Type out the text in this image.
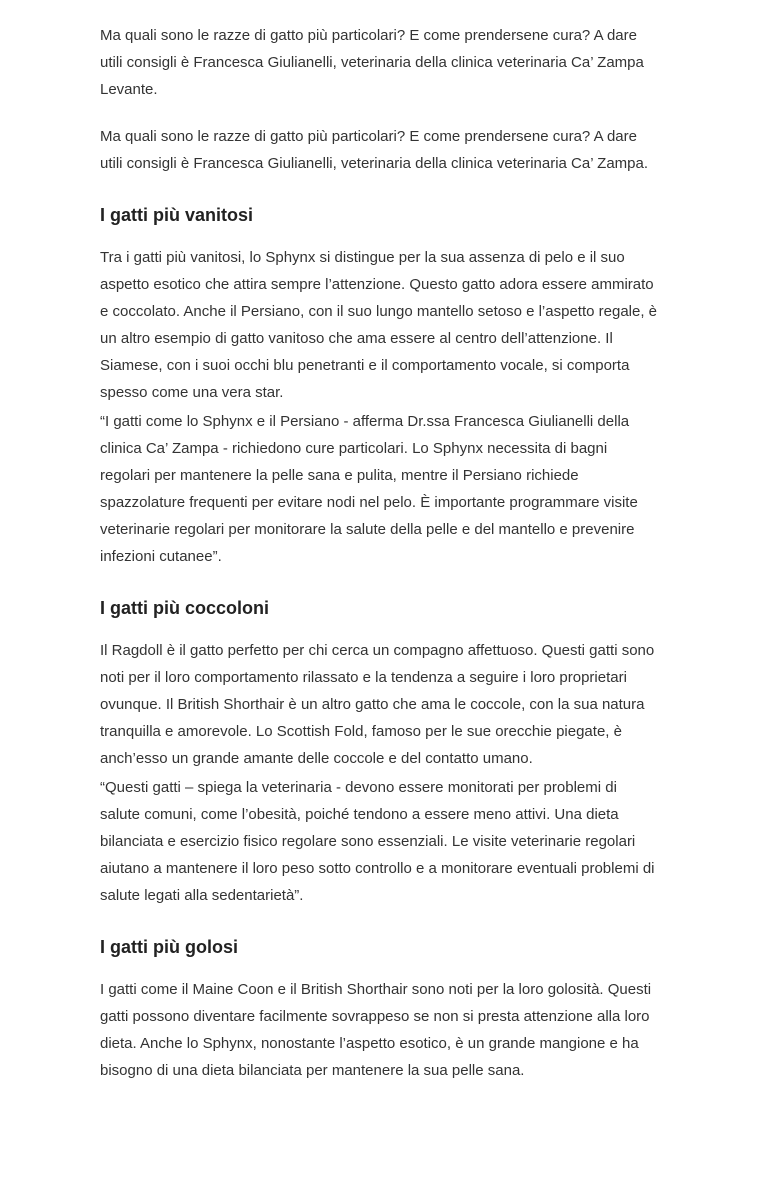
Ma quali sono le razze di gatto più particolari? E come prendersene cura? A dare utili consigli è Francesca Giulianelli, veterinaria della clinica veterinaria Ca’ Zampa Levante.

Ma quali sono le razze di gatto più particolari? E come prendersene cura? A dare utili consigli è Francesca Giulianelli, veterinaria della clinica veterinaria Ca’ Zampa.

I gatti più vanitosi

Tra i gatti più vanitosi, lo Sphynx si distingue per la sua assenza di pelo e il suo aspetto esotico che attira sempre l’attenzione. Questo gatto adora essere ammirato e coccolato. Anche il Persiano, con il suo lungo mantello setoso e l’aspetto regale, è un altro esempio di gatto vanitoso che ama essere al centro dell’attenzione. Il Siamese, con i suoi occhi blu penetranti e il comportamento vocale, si comporta spesso come una vera star.

“I gatti come lo Sphynx e il Persiano - afferma Dr.ssa Francesca Giulianelli della clinica Ca’ Zampa - richiedono cure particolari. Lo Sphynx necessita di bagni regolari per mantenere la pelle sana e pulita, mentre il Persiano richiede spazzolature frequenti per evitare nodi nel pelo. È importante programmare visite veterinarie regolari per monitorare la salute della pelle e del mantello e prevenire infezioni cutanee”.

I gatti più coccoloni

Il Ragdoll è il gatto perfetto per chi cerca un compagno affettuoso. Questi gatti sono noti per il loro comportamento rilassato e la tendenza a seguire i loro proprietari ovunque. Il British Shorthair è un altro gatto che ama le coccole, con la sua natura tranquilla e amorevole. Lo Scottish Fold, famoso per le sue orecchie piegate, è anch’esso un grande amante delle coccole e del contatto umano.

“Questi gatti – spiega la veterinaria - devono essere monitorati per problemi di salute comuni, come l’obesità, poiché tendono a essere meno attivi. Una dieta bilanciata e esercizio fisico regolare sono essenziali. Le visite veterinarie regolari aiutano a mantenere il loro peso sotto controllo e a monitorare eventuali problemi di salute legati alla sedentarietà”.

I gatti più golosi

I gatti come il Maine Coon e il British Shorthair sono noti per la loro golosità. Questi gatti possono diventare facilmente sovrappeso se non si presta attenzione alla loro dieta. Anche lo Sphynx, nonostante l’aspetto esotico, è un grande mangione e ha bisogno di una dieta bilanciata per mantenere la sua pelle sana.
